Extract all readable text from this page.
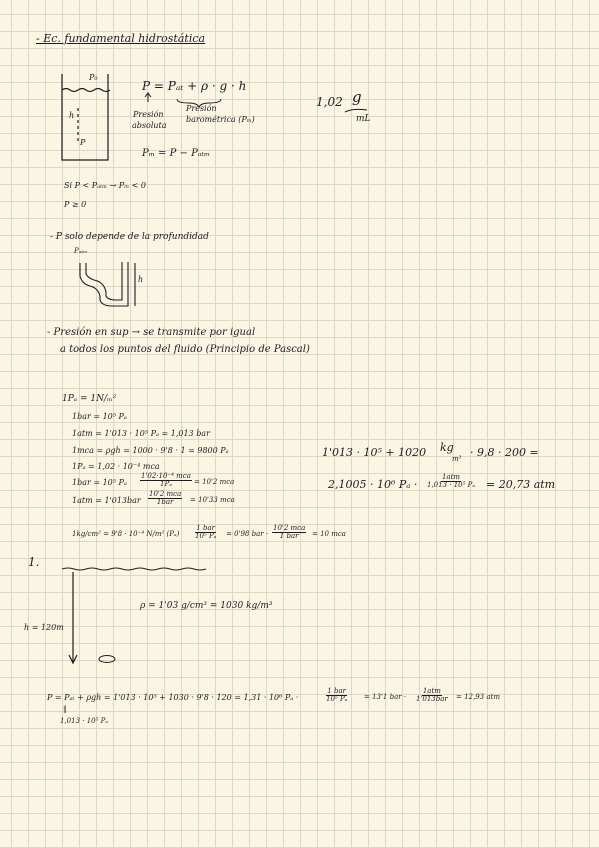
- Ec. fundamental hidrostática
P₀
h
P
P = Pₐₜ + ρ · g · h
Presión
absoluta
Presión
barométrica (Pₘ)
Pₘ = P − Pₐₜₘ
1,02 g
mL
Si P < Pₐₜₘ → Pₘ < 0
P ≥ 0
- P solo depende de la profundidad
Pₐₜₘ
h
- Presión en sup → se transmite por igual
a todos los puntos del fluido (Principio de Pascal)
1Pₐ = 1N/ₘ²
1bar = 10⁵ Pₐ
1atm = 1'013 · 10⁵ Pₐ = 1,013 bar
1mca = ρgh = 1000 · 9'8 · 1 = 9800 Pₐ
1Pₐ = 1,02 · 10⁻⁴ mca
1bar = 10⁵ Pₐ
1'02·10⁻⁴ mca
1Pₐ	= 10'2 mca
1atm = 1'013bar
10'2 mca
1bar = 10'33 mca
1kg/cm² = 9'8 · 10⁻⁴ N/m² (Pₐ)
1 bar
10⁵ Pₐ = 0'98 bar ·
10'2 mca
1 bar = 10 mca
1'013 · 10⁵ + 1020 kg
m³ · 9,8 · 200 =
2,1005 · 10⁶ Pₐ ·
1atm
1,013 · 10⁵ Pₐ = 20,73 atm
1.
h = 120m
ρ = 1'03 g/cm³ = 1030 kg/m³
P = Pₐₜ + ρgh = 1'013 · 10⁵ + 1030 · 9'8 · 120 = 1,31 · 10⁶ Pₐ ·
1 bar
10⁵ Pₐ = 13'1 bar ·
1atm
1'013bar = 12,93 atm
‖
1,013 · 10⁵ Pₐ
